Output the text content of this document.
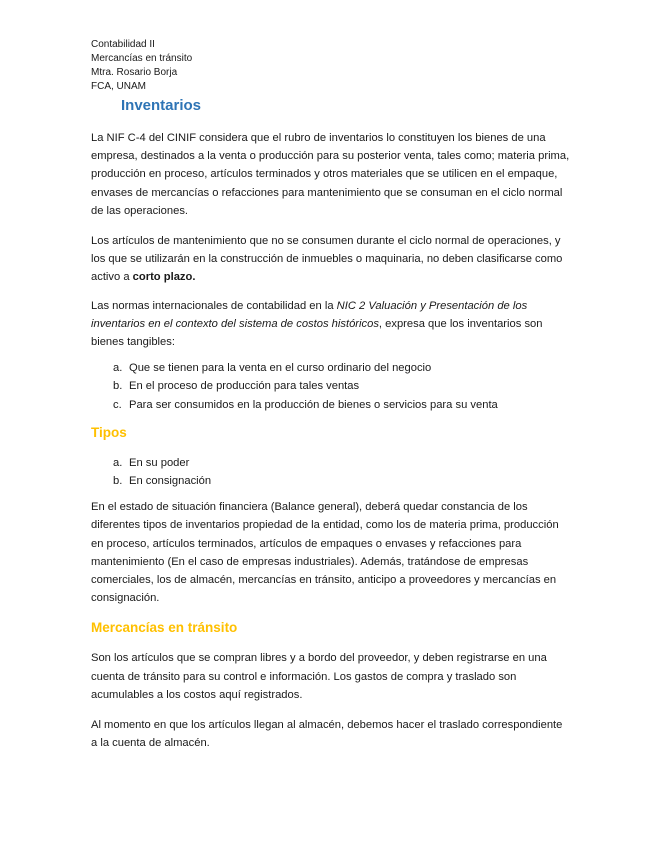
Contabilidad II
Mercancías en tránsito
Mtra. Rosario Borja
FCA, UNAM
Inventarios

La NIF C-4 del CINIF considera que el rubro de inventarios lo constituyen los bienes de una empresa, destinados a la venta o producción para su posterior venta, tales como; materia prima, producción en proceso, artículos terminados y otros materiales que se utilicen en el empaque, envases de mercancías o refacciones para mantenimiento que se consuman en el ciclo normal de las operaciones.

Los artículos de mantenimiento que no se consumen durante el ciclo normal de operaciones, y los que se utilizarán en la construcción de inmuebles o maquinaria, no deben clasificarse como activo a corto plazo.

Las normas internacionales de contabilidad en la NIC 2 Valuación y Presentación de los inventarios en el contexto del sistema de costos históricos, expresa que los inventarios son bienes tangibles:

a. Que se tienen para la venta en el curso ordinario del negocio
b. En el proceso de producción para tales ventas
c. Para ser consumidos en la producción de bienes o servicios para su venta
Tipos
a. En su poder
b. En consignación

En el estado de situación financiera (Balance general), deberá quedar constancia de los diferentes tipos de inventarios propiedad de la entidad, como los de materia prima, producción en proceso, artículos terminados, artículos de empaques o envases y refacciones para mantenimiento (En el caso de empresas industriales). Además, tratándose de empresas comerciales, los de almacén, mercancías en tránsito, anticipo a proveedores y mercancías en consignación.

Mercancías en tránsito

Son los artículos que se compran libres y a bordo del proveedor, y deben registrarse en una cuenta de tránsito para su control e información. Los gastos de compra y traslado son acumulables a los costos aquí registrados.

Al momento en que los artículos llegan al almacén, debemos hacer el traslado correspondiente a la cuenta de almacén.
